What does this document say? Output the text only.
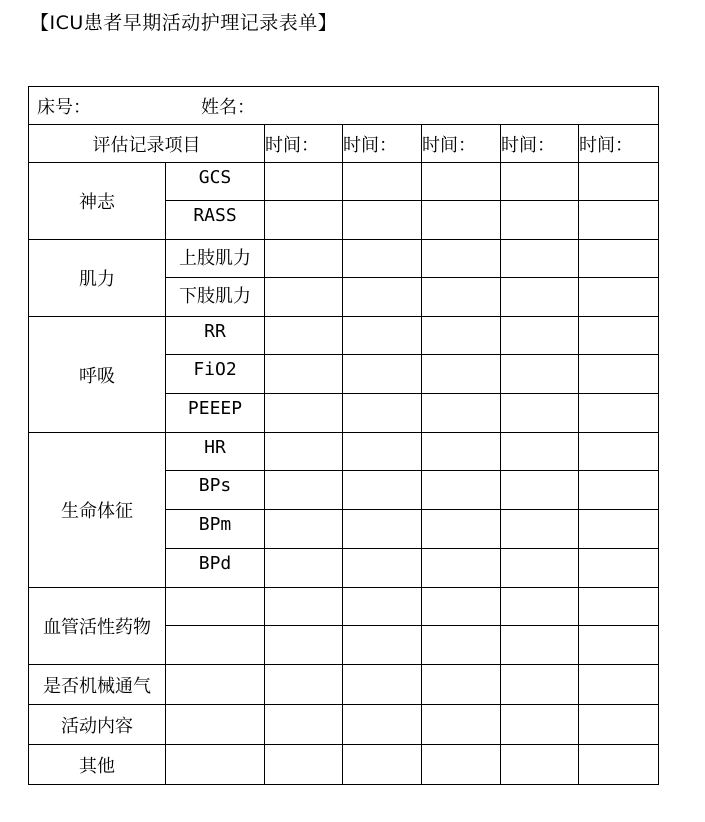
【ICU患者早期活动护理记录表单】
床号： 姓名：						
评估记录项目		时间：	时间：	时间：	时间：	时间：
神志	GCS					
	RASS					
肌力	上肢肌力					
	下肢肌力					
呼吸	RR					
	FiO2					
	PEEEP					
生命体征	HR					
	BPs					
	BPm					
	BPd					
血管活性药物						

是否机械通气						
活动内容						
其他						
